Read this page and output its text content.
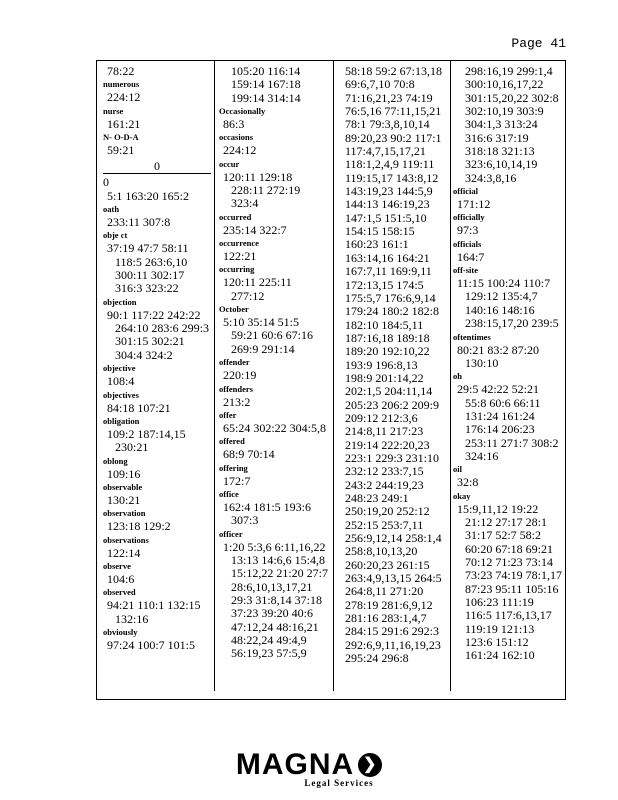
Page 41
78:22
numerous
224:12
nurse
161:21
N- O-D-A
59:21
0
0
5:1 163:20 165:2
oath
233:11 307:8
obje ct
37:19 47:7 58:11
118:5 263:6,10
300:11 302:17
316:3 323:22
objection
90:1 117:22 242:22
264:10 283:6 299:3
301:15 302:21
304:4 324:2
objective
108:4
objectives
84:18 107:21
obligation
109:2 187:14,15
230:21
oblong
109:16
observable
130:21
observation
123:18 129:2
observations
122:14
observe
104:6
observed
94:21 110:1 132:15
132:16
obviously
97:24 100:7 101:5
105:20 116:14
159:14 167:18
199:14 314:14
Occasionally
86:3
occasions
224:12
occur
120:11 129:18
228:11 272:19
323:4
occurred
235:14 322:7
occurrence
122:21
occurring
120:11 225:11
277:12
October
5:10 35:14 51:5
59:21 60:6 67:16
269:9 291:14
offender
220:19
offenders
213:2
offer
65:24 302:22 304:5,8
offered
68:9 70:14
offering
172:7
office
162:4 181:5 193:6
307:3
officer
1:20 5:3,6 6:11,16,22
13:13 14:6,6 15:4,8
15:12,22 21:20 27:7
28:6,10,13,17,21
29:3 31:8,14 37:18
37:23 39:20 40:6
47:12,24 48:16,21
48:22,24 49:4,9
56:19,23 57:5,9
58:18 59:2 67:13,18
69:6,7,10 70:8
71:16,21,23 74:19
76:5,16 77:11,15,21
78:1 79:3,8,10,14
89:20,23 90:2 117:1
117:4,7,15,17,21
118:1,2,4,9 119:11
119:15,17 143:8,12
143:19,23 144:5,9
144:13 146:19,23
147:1,5 151:5,10
154:15 158:15
160:23 161:1
163:14,16 164:21
167:7,11 169:9,11
172:13,15 174:5
175:5,7 176:6,9,14
179:24 180:2 182:8
182:10 184:5,11
187:16,18 189:18
189:20 192:10,22
193:9 196:8,13
198:9 201:14,22
202:1,5 204:11,14
205:23 206:2 209:9
209:12 212:3,6
214:8,11 217:23
219:14 222:20,23
223:1 229:3 231:10
232:12 233:7,15
243:2 244:19,23
248:23 249:1
250:19,20 252:12
252:15 253:7,11
256:9,12,14 258:1,4
258:8,10,13,20
260:20,23 261:15
263:4,9,13,15 264:5
264:8,11 271:20
278:19 281:6,9,12
281:16 283:1,4,7
284:15 291:6 292:3
292:6,9,11,16,19,23
295:24 296:8
298:16,19 299:1,4
300:10,16,17,22
301:15,20,22 302:8
302:10,19 303:9
304:1,3 313:24
316:6 317:19
318:18 321:13
323:6,10,14,19
324:3,8,16
official
171:12
officially
97:3
officials
164:7
off-site
11:15 100:24 110:7
129:12 135:4,7
140:16 148:16
238:15,17,20 239:5
oftentimes
80:21 83:2 87:20
130:10
oh
29:5 42:22 52:21
55:8 60:6 66:11
131:24 161:24
176:14 206:23
253:11 271:7 308:2
324:16
oil
32:8
okay
15:9,11,12 19:22
21:12 27:17 28:1
31:17 52:7 58:2
60:20 67:18 69:21
70:12 71:23 73:14
73:23 74:19 78:1,17
87:23 95:11 105:16
106:23 111:19
116:5 117:6,13,17
119:19 121:13
123:6 151:12
161:24 162:10
MAGNA ❯
Legal Services
